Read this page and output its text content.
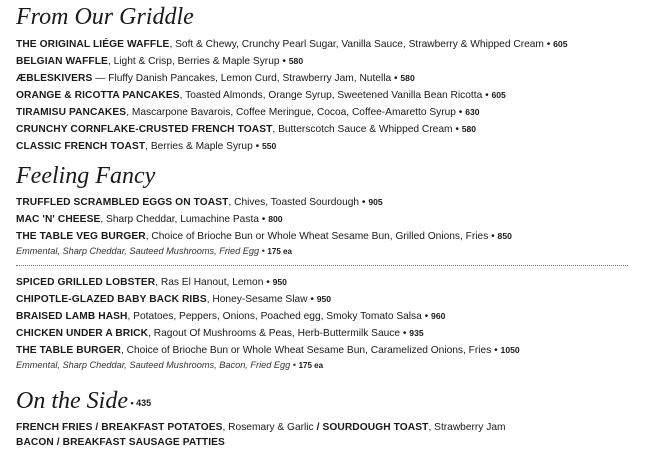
From Our Griddle
THE ORIGINAL LIÉGE WAFFLE, Soft & Chewy, Crunchy Pearl Sugar, Vanilla Sauce, Strawberry & Whipped Cream • 605
BELGIAN WAFFLE, Light & Crisp, Berries & Maple Syrup • 580
ÆBLESKIVERS — Fluffy Danish Pancakes, Lemon Curd, Strawberry Jam, Nutella • 580
ORANGE & RICOTTA PANCAKES, Toasted Almonds, Orange Syrup, Sweetened Vanilla Bean Ricotta • 605
TIRAMISU PANCAKES, Mascarpone Bavarois, Coffee Meringue, Cocoa, Coffee-Amaretto Syrup • 630
CRUNCHY CORNFLAKE-CRUSTED FRENCH TOAST, Butterscotch Sauce & Whipped Cream • 580
CLASSIC FRENCH TOAST, Berries & Maple Syrup • 550
Feeling Fancy
TRUFFLED SCRAMBLED EGGS ON TOAST, Chives, Toasted Sourdough • 905
MAC 'N' CHEESE, Sharp Cheddar, Lumachine Pasta • 800
THE TABLE VEG BURGER, Choice of Brioche Bun or Whole Wheat Sesame Bun, Grilled Onions, Fries • 850
Emmental, Sharp Cheddar, Sauteed Mushrooms, Fried Egg • 175 ea
SPICED GRILLED LOBSTER, Ras El Hanout, Lemon • 950
CHIPOTLE-GLAZED BABY BACK RIBS, Honey-Sesame Slaw • 950
BRAISED LAMB HASH, Potatoes, Peppers, Onions, Poached egg, Smoky Tomato Salsa • 960
CHICKEN UNDER A BRICK, Ragout Of Mushrooms & Peas, Herb-Buttermilk Sauce • 935
THE TABLE BURGER, Choice of Brioche Bun or Whole Wheat Sesame Bun, Caramelized Onions, Fries • 1050
Emmental, Sharp Cheddar, Sauteed Mushrooms, Bacon, Fried Egg • 175 ea
On the Side • 435
FRENCH FRIES / BREAKFAST POTATOES, Rosemary & Garlic / SOURDOUGH TOAST, Strawberry Jam
BACON / BREAKFAST SAUSAGE PATTIES
